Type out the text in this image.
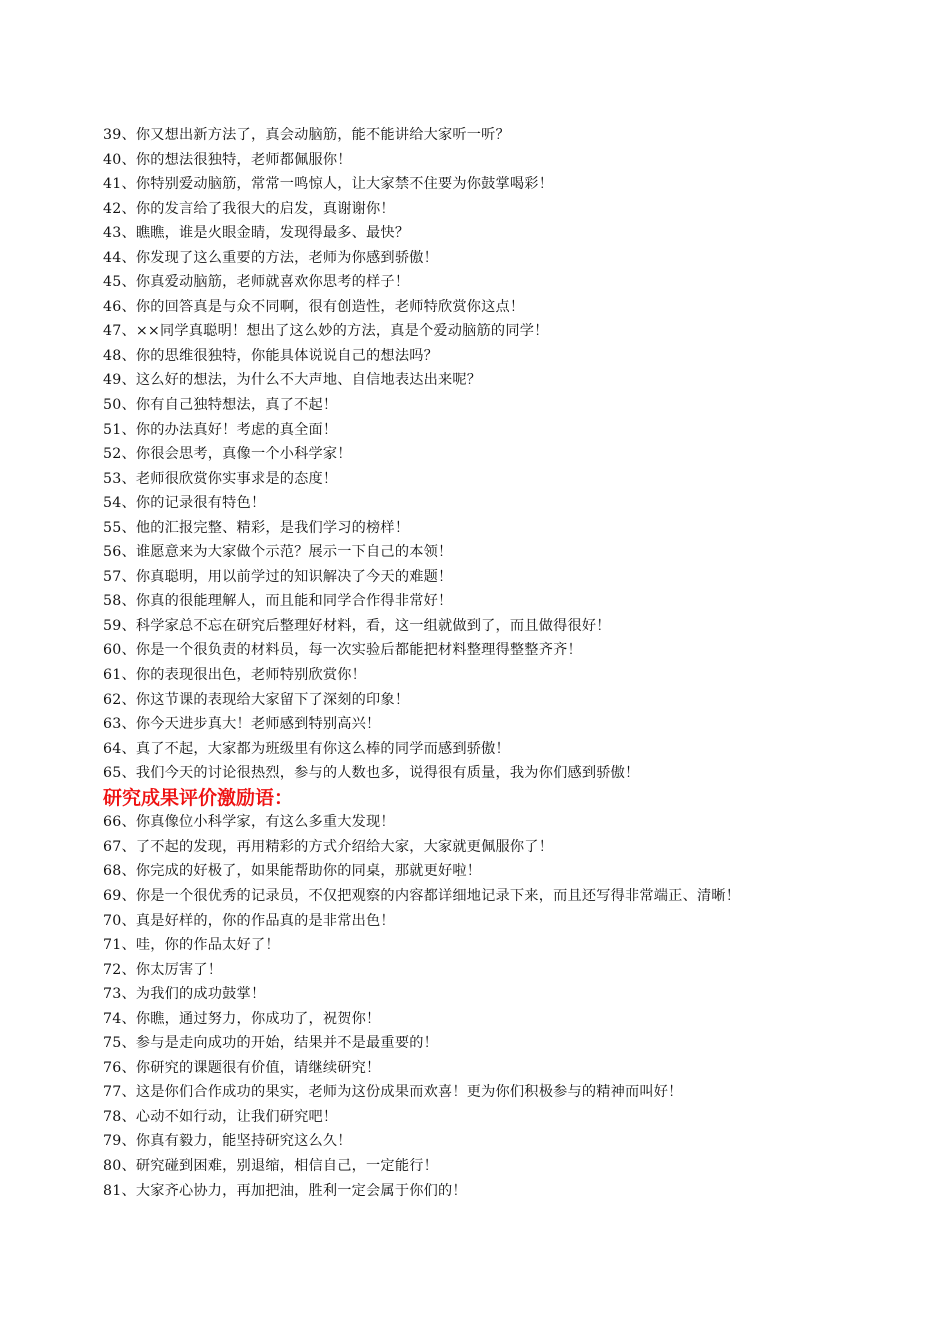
39、你又想出新方法了，真会动脑筋，能不能讲给大家听一听？
40、你的想法很独特，老师都佩服你！
41、你特别爱动脑筋，常常一鸣惊人，让大家禁不住要为你鼓掌喝彩！
42、你的发言给了我很大的启发，真谢谢你！
43、瞧瞧，谁是火眼金睛，发现得最多、最快？
44、你发现了这么重要的方法，老师为你感到骄傲！
45、你真爱动脑筋，老师就喜欢你思考的样子！
46、你的回答真是与众不同啊，很有创造性，老师特欣赏你这点！
47、××同学真聪明！想出了这么妙的方法，真是个爱动脑筋的同学！
48、你的思维很独特，你能具体说说自己的想法吗？
49、这么好的想法，为什么不大声地、自信地表达出来呢？
50、你有自己独特想法，真了不起！
51、你的办法真好！考虑的真全面！
52、你很会思考，真像一个小科学家！
53、老师很欣赏你实事求是的态度！
54、你的记录很有特色！
55、他的汇报完整、精彩，是我们学习的榜样！
56、谁愿意来为大家做个示范？展示一下自己的本领！
57、你真聪明，用以前学过的知识解决了今天的难题！
58、你真的很能理解人，而且能和同学合作得非常好！
59、科学家总不忘在研究后整理好材料，看，这一组就做到了，而且做得很好！
60、你是一个很负责的材料员，每一次实验后都能把材料整理得整整齐齐！
61、你的表现很出色，老师特别欣赏你！
62、你这节课的表现给大家留下了深刻的印象！
63、你今天进步真大！老师感到特别高兴！
64、真了不起，大家都为班级里有你这么棒的同学而感到骄傲！
65、我们今天的讨论很热烈，参与的人数也多，说得很有质量，我为你们感到骄傲！
研究成果评价激励语：
66、你真像位小科学家，有这么多重大发现！
67、了不起的发现，再用精彩的方式介绍给大家，大家就更佩服你了！
68、你完成的好极了，如果能帮助你的同桌，那就更好啦！
69、你是一个很优秀的记录员，不仅把观察的内容都详细地记录下来，而且还写得非常端正、清晰！
70、真是好样的，你的作品真的是非常出色！
71、哇，你的作品太好了！
72、你太厉害了！
73、为我们的成功鼓掌！
74、你瞧，通过努力，你成功了，祝贺你！
75、参与是走向成功的开始，结果并不是最重要的！
76、你研究的课题很有价值，请继续研究！
77、这是你们合作成功的果实，老师为这份成果而欢喜！更为你们积极参与的精神而叫好！
78、心动不如行动，让我们研究吧！
79、你真有毅力，能坚持研究这么久！
80、研究碰到困难，别退缩，相信自己，一定能行！
81、大家齐心协力，再加把油，胜利一定会属于你们的！
